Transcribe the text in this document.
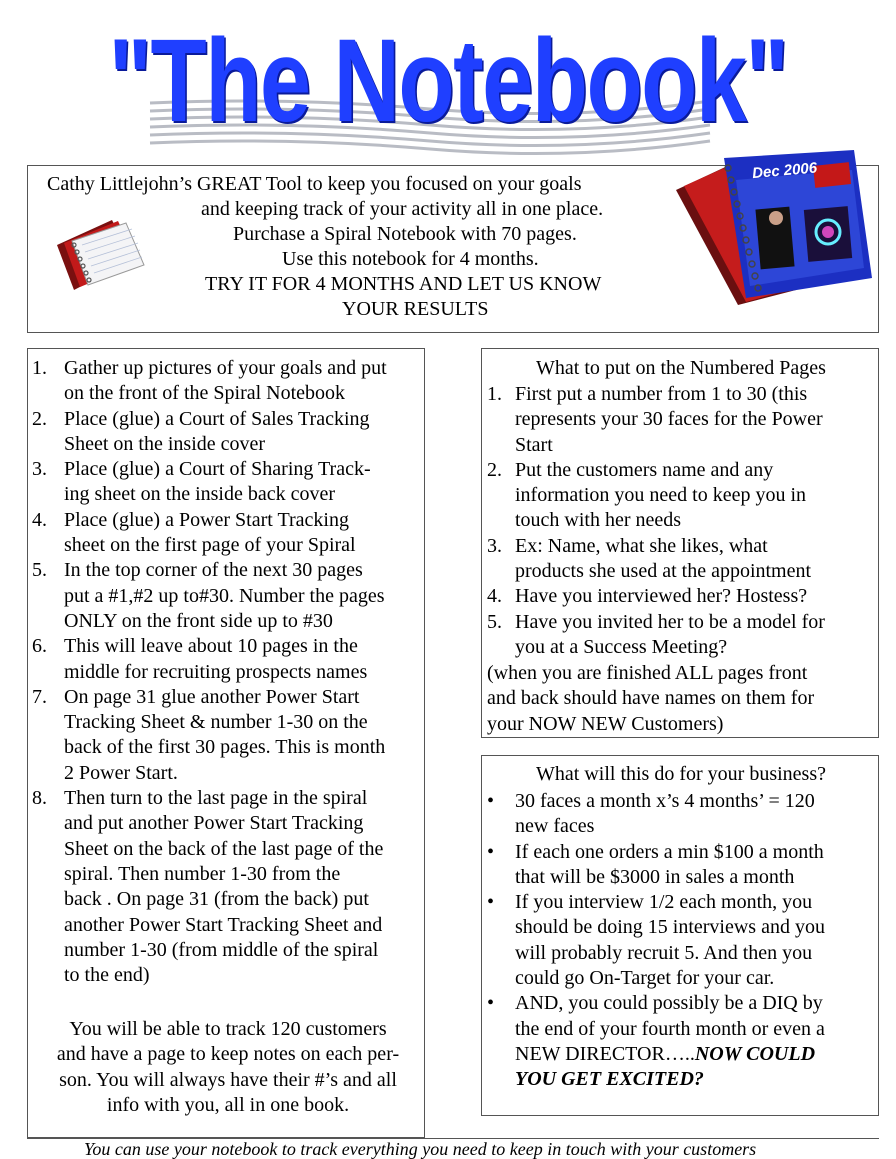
"The Notebook"
Cathy Littlejohn’s GREAT Tool to keep you focused on your goals
and keeping track of your activity all in one place.
Purchase a Spiral Notebook with 70 pages.
Use this notebook for 4 months.
TRY IT FOR 4 MONTHS AND LET US KNOW
YOUR RESULTS
Dec 2006
1. Gather up pictures of your goals and put
on the front of the Spiral Notebook
2. Place (glue) a Court of Sales Tracking
Sheet on the inside cover
3. Place (glue) a Court of Sharing Track-
ing sheet on the inside back cover
4. Place (glue) a Power Start Tracking
sheet on the first page of your Spiral
5. In the top corner of the next 30 pages
put a #1,#2 up to#30. Number the pages
ONLY on the front side up to #30
6. This will leave about 10 pages in the
middle for recruiting prospects names
7. On page 31 glue another Power Start
Tracking Sheet & number 1-30 on the
back of the first 30 pages. This is month
2 Power Start.
8. Then turn to the last page in the spiral
and put another Power Start Tracking
Sheet on the back of the last page of the
spiral. Then number 1-30 from the
back . On page 31 (from the back) put
another Power Start Tracking Sheet and
number 1-30 (from middle of the spiral
to the end)
You will be able to track 120 customers
and have a page to keep notes on each per-
son. You will always have their #’s and all
info with you, all in one book.
What to put on the Numbered Pages
1. First put a number from 1 to 30 (this
represents your 30 faces for the Power
Start
2. Put the customers name and any
information you need to keep you in
touch with her needs
3. Ex: Name, what she likes, what
products she used at the appointment
4. Have you interviewed her? Hostess?
5. Have you invited her to be a model for
you at a Success Meeting?
(when you are finished ALL pages front
and back should have names on them for
your NOW NEW Customers)
What will this do for your business?
•	30 faces a month x’s 4 months’ = 120
new faces
•	If each one orders a min $100 a month
that will be $3000 in sales a month
•	If you interview 1/2 each month, you
should be doing 15 interviews and you
will probably recruit 5. And then you
could go On-Target for your car.
•	AND, you could possibly be a DIQ by
the end of your fourth month or even a
NEW DIRECTOR…..NOW COULD
YOU GET EXCITED?
You can use your notebook to track everything you need to keep in touch with your customers
